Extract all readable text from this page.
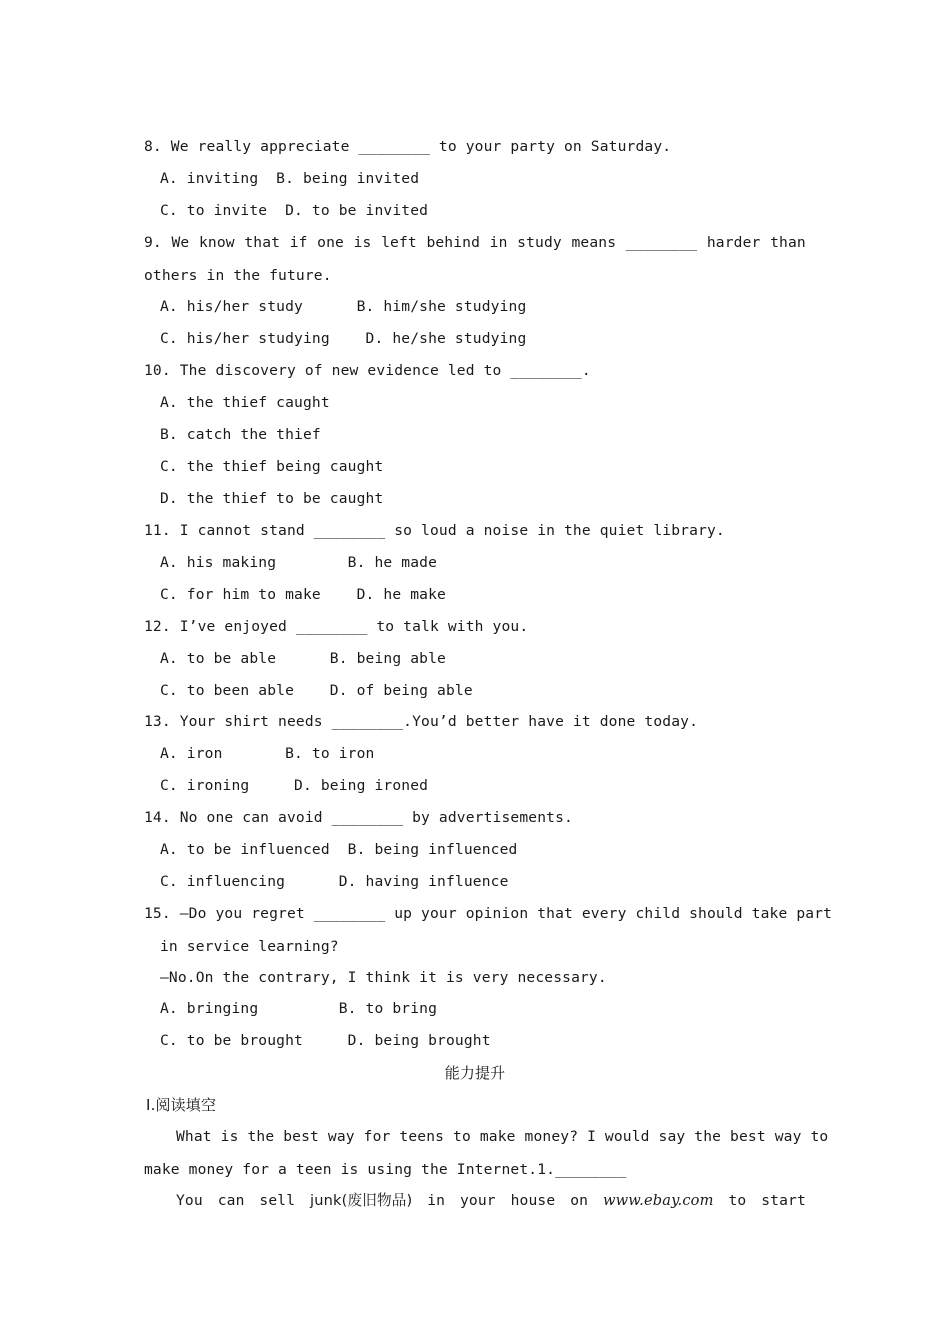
8. We really appreciate ________ to your party on Saturday.
A. inviting  B. being invited
C. to invite  D. to be invited
9. We know that if one is left behind in study means ________ harder than
others in the future.
A. his/her study      B. him/she studying
C. his/her studying    D. he/she studying
10. The discovery of new evidence led to ________.
A. the thief caught
B. catch the thief
C. the thief being caught
D. the thief to be caught
11. I cannot stand ________ so loud a noise in the quiet library.
A. his making        B. he made
C. for him to make    D. he make
12. I’ve enjoyed ________ to talk with you.
A. to be able      B. being able
C. to been able    D. of being able
13. Your shirt needs ________.You’d better have it done today.
A. iron       B. to iron
C. ironing     D. being ironed
14. No one can avoid ________ by advertisements.
A. to be influenced  B. being influenced
C. influencing      D. having influence
15. —Do you regret ________ up your opinion that every child should take part
in service learning?
—No.On the contrary, I think it is very necessary.
A. bringing         B. to bring
C. to be brought     D. being brought
能力提升
Ⅰ.阅读填空
What is the best way for teens to make money? I would say the best way to
make money for a teen is using the Internet.1.________
You can sell junk(废旧物品) in your house on www.ebay.com to start
